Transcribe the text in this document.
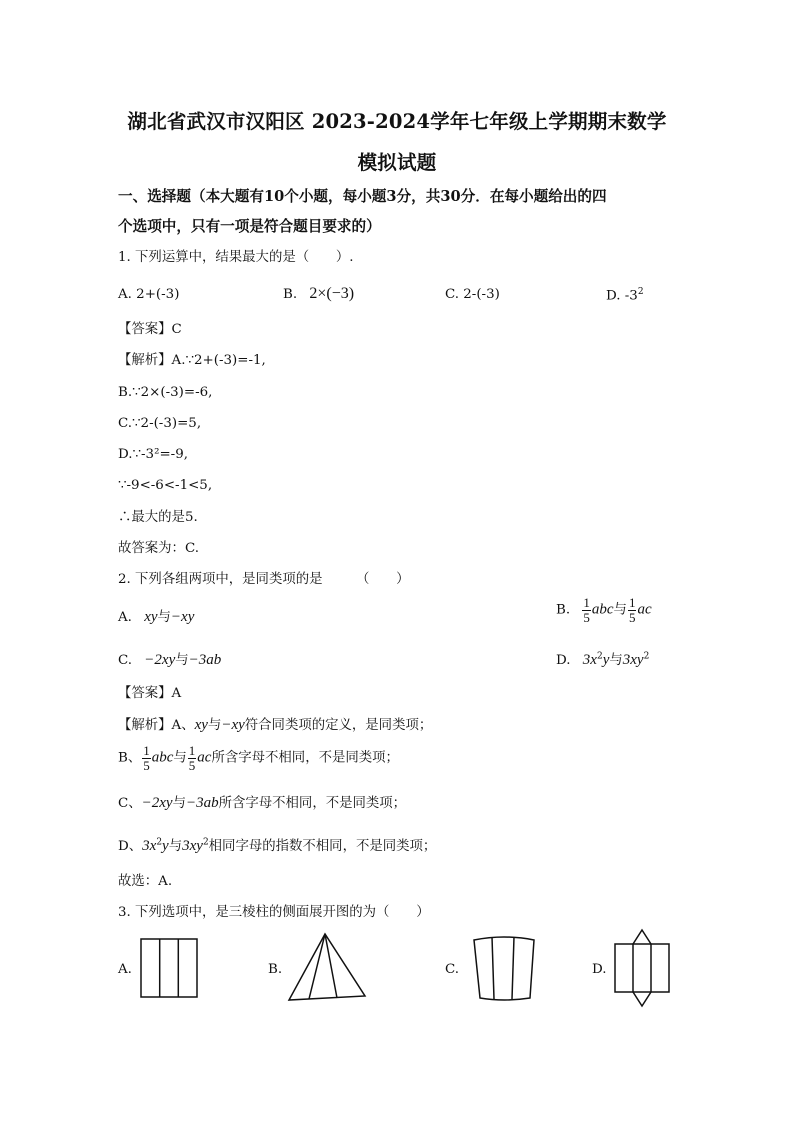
湖北省武汉市汉阳区 2023-2024学年七年级上学期期末数学
模拟试题
一、选择题（本大题有10个小题，每小题3分，共30分．在每小题给出的四
个选项中，只有一项是符合题目要求的）
1. 下列运算中，结果最大的是（　　）.
A. 2+(-3)	B. 2×(−3)	C. 2-(-3)	D. $-3^2$
【答案】C
【解析】A.∵2+(-3)=-1,
B.∵2×(-3)=-6,
C.∵2-(-3)=5,
D.∵-3²=-9,
∵-9<-6<-1<5,
∴最大的是5.
故答案为：C.
2. 下列各组两项中，是同类项的是　　　（　　）
A. xy与−xy	B. $\frac{1}{5}$ abc与 $\frac{1}{5}$ ac
C. −2xy与−3ab	D. $3x^2y$与$3xy^2$
【答案】A
【解析】A、xy与−xy符合同类项的定义，是同类项；
B、 $\frac{1}{5}$ abc与 $\frac{1}{5}$ ac所含字母不相同，不是同类项；
C、−2xy与−3ab所含字母不相同，不是同类项；
D、$3x^2y$与$3xy^2$相同字母的指数不相同，不是同类项；
故选：A.
3. 下列选项中，是三棱柱的侧面展开图的为（　　）
A.	B.	C.	D.
